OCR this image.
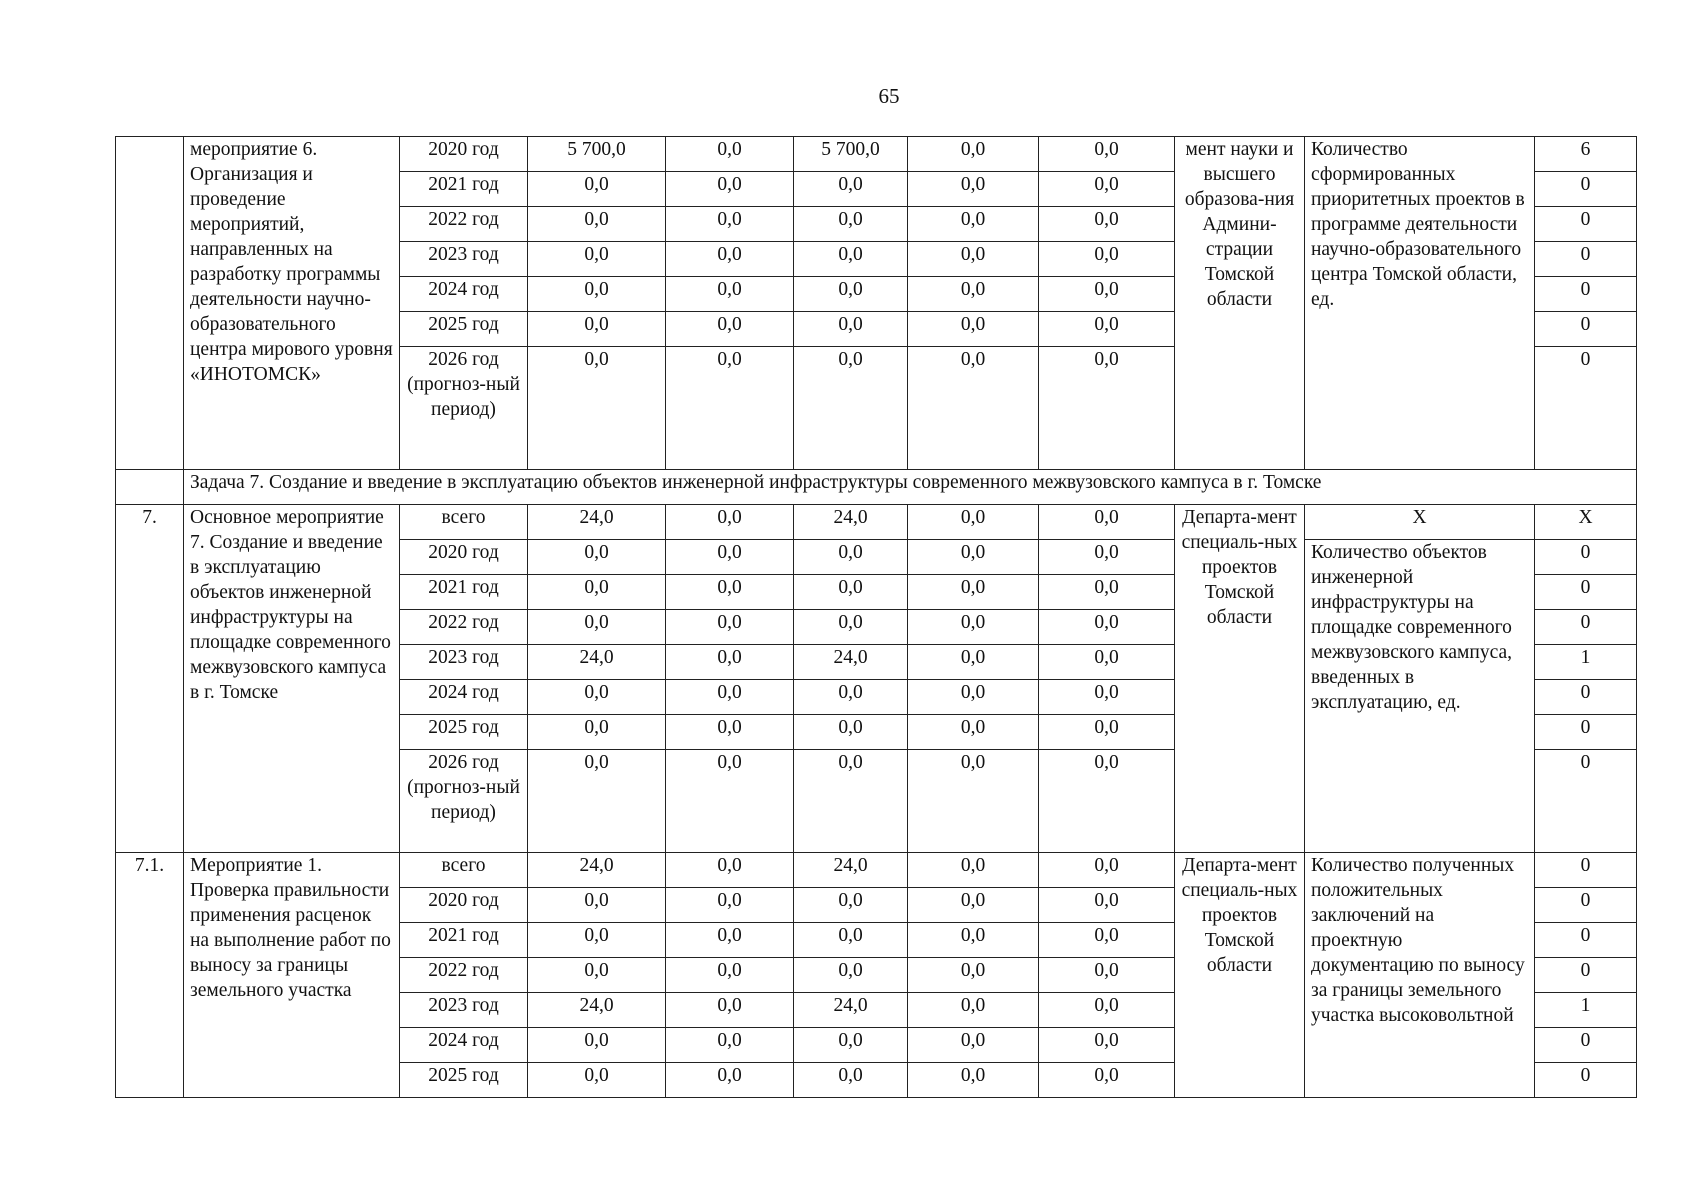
65
	мероприятие 6. Организация и проведение мероприятий, направленных на разработку программы деятельности научно-образовательного центра мирового уровня «ИНОТОМСК»	2020 год	5 700,0	0,0	5 700,0	0,0	0,0	мент науки и высшего образова-ния Админи-страции Томской области	Количество сформированных приоритетных проектов в программе деятельности научно-образовательного центра Томской области, ед.	6
		2021 год	0,0	0,0	0,0	0,0	0,0			0
		2022 год	0,0	0,0	0,0	0,0	0,0			0
		2023 год	0,0	0,0	0,0	0,0	0,0			0
		2024 год	0,0	0,0	0,0	0,0	0,0			0
		2025 год	0,0	0,0	0,0	0,0	0,0			0
		2026 год (прогноз-ный период)	0,0	0,0	0,0	0,0	0,0			0
	Задача 7. Создание и введение в эксплуатацию объектов инженерной инфраструктуры современного межвузовского кампуса в г. Томске									
7.	Основное мероприятие 7. Создание и введение в эксплуатацию объектов инженерной инфраструктуры на площадке современного межвузовского кампуса в г. Томске	всего	24,0	0,0	24,0	0,0	0,0	Департа-мент специаль-ных проектов Томской области	Х	Х
		2020 год	0,0	0,0	0,0	0,0	0,0		Количество объектов инженерной инфраструктуры на площадке современного межвузовского кампуса, введенных в эксплуатацию, ед.	0
		2021 год	0,0	0,0	0,0	0,0	0,0			0
		2022 год	0,0	0,0	0,0	0,0	0,0			0
		2023 год	24,0	0,0	24,0	0,0	0,0			1
		2024 год	0,0	0,0	0,0	0,0	0,0			0
		2025 год	0,0	0,0	0,0	0,0	0,0			0
		2026 год (прогноз-ный период)	0,0	0,0	0,0	0,0	0,0			0
7.1.	Мероприятие 1. Проверка правильности применения расценок на выполнение работ по выносу за границы земельного участка	всего	24,0	0,0	24,0	0,0	0,0	Департа-мент специаль-ных проектов Томской области	Количество полученных положительных заключений на проектную документацию по выносу за границы земельного участка высоковольтной	0
		2020 год	0,0	0,0	0,0	0,0	0,0			0
		2021 год	0,0	0,0	0,0	0,0	0,0			0
		2022 год	0,0	0,0	0,0	0,0	0,0			0
		2023 год	24,0	0,0	24,0	0,0	0,0			1
		2024 год	0,0	0,0	0,0	0,0	0,0			0
		2025 год	0,0	0,0	0,0	0,0	0,0			0
